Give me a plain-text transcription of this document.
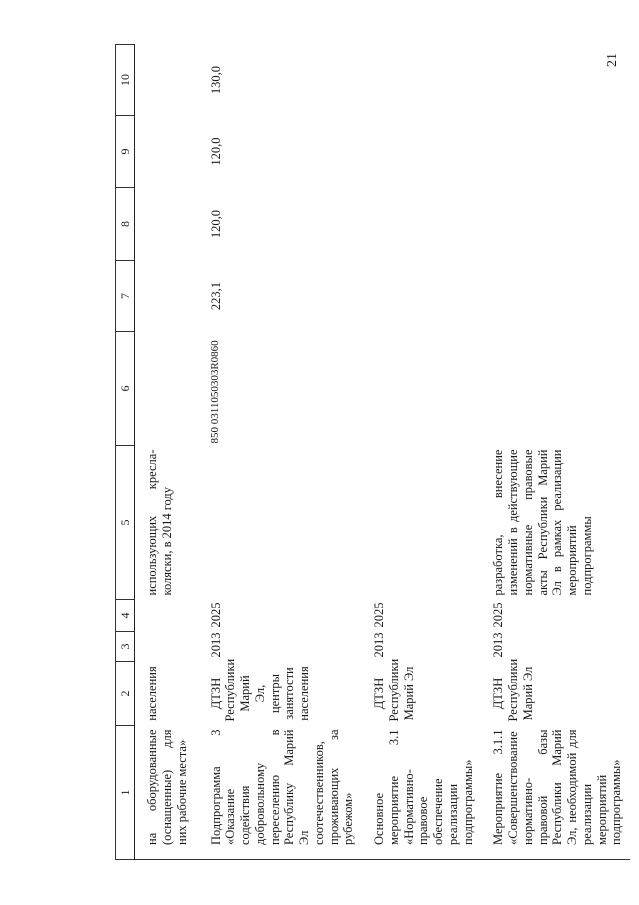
21
1	2	3	4	5	6	7	8	9	10
на оборудованные (оснащенные) для них рабочие места»	населения			использующих кресла-коляски, в 2014 году					
Подпрограмма 3 «Оказание содействия добровольному переселению в Республику Марий Эл соотечественников, проживающих за рубежом»	ДТЗН Республики Марий Эл, центры занятости населения	2013	2025		850 0311050303R0860	223,1	120,0	120,0	130,0
Основное мероприятие 3.1 «Нормативно-правовое обеспечение реализации подпрограммы»	ДТЗН Республики Марий Эл	2013	2025						
Мероприятие 3.1.1 «Совершенствование нормативно-правовой базы Республики Марий Эл, необходимой для реализации мероприятий подпрограммы»	ДТЗН Республики Марий Эл	2013	2025	разработка, внесение изменений в действующие нормативные правовые акты Республики Марий Эл в рамках реализации мероприятий подпрограммы					
